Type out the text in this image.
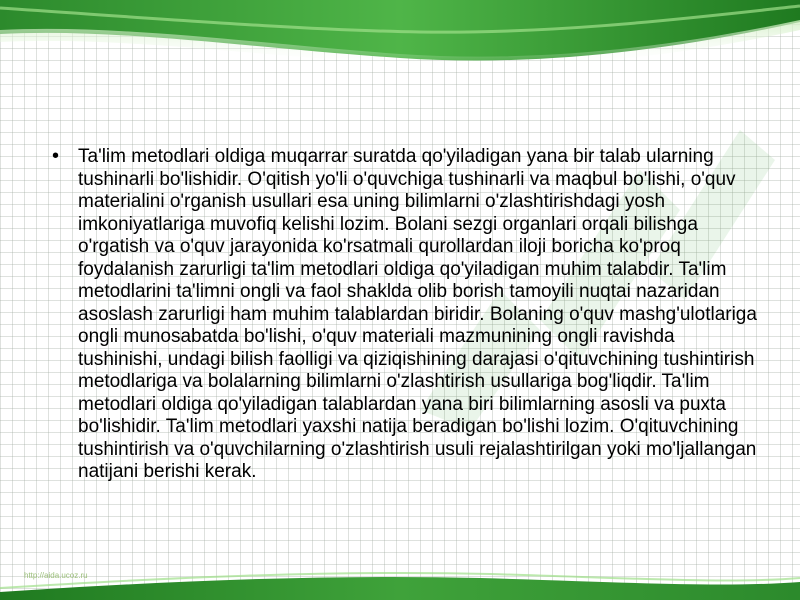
• Ta'lim metodlari oldiga muqarrar suratda qo'yiladigan yana bir talab ularning tushinarli bo'lishidir. O'qitish yo'li o'quvchiga tushinarli va maqbul bo'lishi, o'quv materialini o'rganish usullari esa uning bilimlarni o'zlashtirishdagi yosh imkoniyatlariga muvofiq kelishi lozim. Bolani sezgi organlari orqali bilishga o'rgatish va o'quv jarayonida ko'rsatmali qurollardan iloji boricha ko'proq foydalanish zarurligi ta'lim metodlari oldiga qo'yiladigan muhim talabdir. Ta'lim metodlarini ta'limni ongli va faol shaklda olib borish tamoyili nuqtai nazaridan asoslash zarurligi ham muhim talablardan biridir. Bolaning o'quv mashg'ulotlariga ongli munosabatda bo'lishi, o'quv materiali mazmunining ongli ravishda tushinishi, undagi bilish faolligi va qiziqishining darajasi o'qituvchining tushintirish metodlariga va bolalarning bilimlarni o'zlashtirish usullariga bog'liqdir. Ta'lim metodlari oldiga qo'yiladigan talablardan yana biri bilimlarning asosli va puxta bo'lishidir. Ta'lim metodlari yaxshi natija beradigan bo'lishi lozim. O'qituvchining tushintirish va o'quvchilarning o'zlashtirish usuli rejalashtirilgan yoki mo'ljallangan natijani berishi kerak.

http://aida.ucoz.ru
